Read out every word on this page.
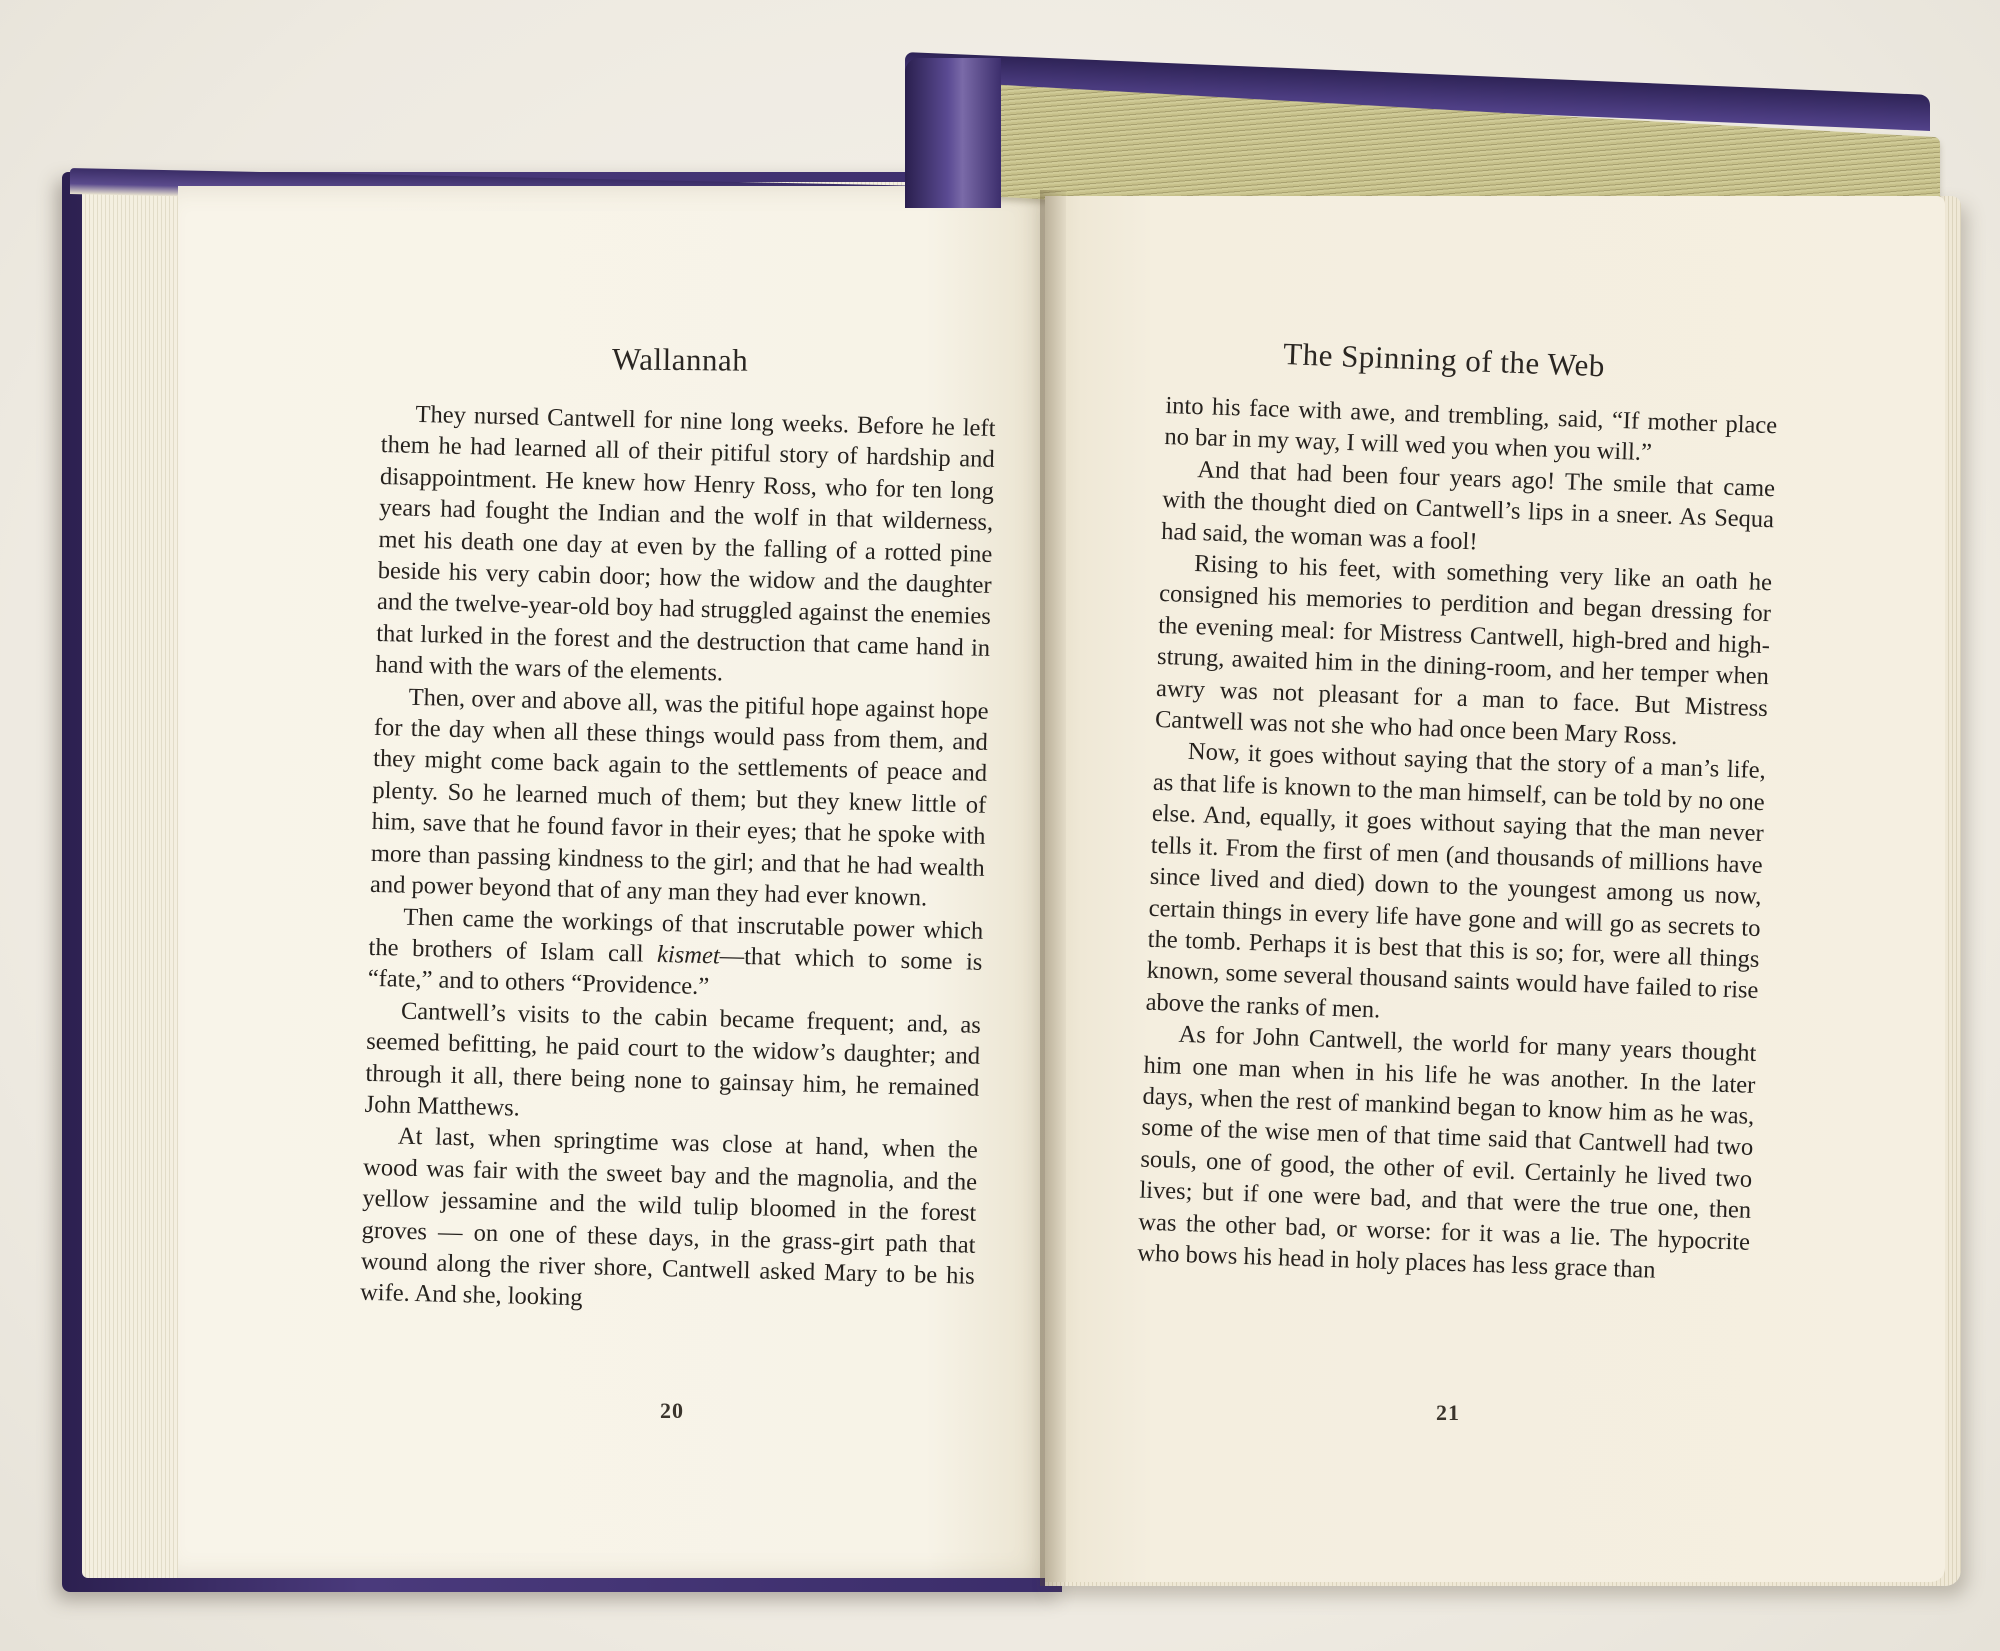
Wallannah

They nursed Cantwell for nine long weeks. Before he left them he had learned all of their pitiful story of hardship and disappointment. He knew how Henry Ross, who for ten long years had fought the Indian and the wolf in that wilderness, met his death one day at even by the falling of a rotted pine beside his very cabin door; how the widow and the daughter and the twelve-year-old boy had struggled against the enemies that lurked in the forest and the destruction that came hand in hand with the wars of the elements.

Then, over and above all, was the pitiful hope against hope for the day when all these things would pass from them, and they might come back again to the settlements of peace and plenty. So he learned much of them; but they knew little of him, save that he found favor in their eyes; that he spoke with more than passing kindness to the girl; and that he had wealth and power beyond that of any man they had ever known.

Then came the workings of that inscrutable power which the brothers of Islam call kismet—that which to some is “fate,” and to others “Providence.”

Cantwell’s visits to the cabin became frequent; and, as seemed befitting, he paid court to the widow’s daughter; and through it all, there being none to gainsay him, he remained John Matthews.

At last, when springtime was close at hand, when the wood was fair with the sweet bay and the magnolia, and the yellow jessamine and the wild tulip bloomed in the forest groves — on one of these days, in the grass-girt path that wound along the river shore, Cantwell asked Mary to be his wife. And she, looking

20
The Spinning of the Web

into his face with awe, and trembling, said, “If mother place no bar in my way, I will wed you when you will.”

And that had been four years ago! The smile that came with the thought died on Cantwell’s lips in a sneer. As Sequa had said, the woman was a fool!

Rising to his feet, with something very like an oath he consigned his memories to perdition and began dressing for the evening meal: for Mistress Cantwell, high-bred and high-strung, awaited him in the dining-room, and her temper when awry was not pleasant for a man to face. But Mistress Cantwell was not she who had once been Mary Ross.

Now, it goes without saying that the story of a man’s life, as that life is known to the man himself, can be told by no one else. And, equally, it goes without saying that the man never tells it. From the first of men (and thousands of millions have since lived and died) down to the youngest among us now, certain things in every life have gone and will go as secrets to the tomb. Perhaps it is best that this is so; for, were all things known, some several thousand saints would have failed to rise above the ranks of men.

As for John Cantwell, the world for many years thought him one man when in his life he was another. In the later days, when the rest of mankind began to know him as he was, some of the wise men of that time said that Cantwell had two souls, one of good, the other of evil. Certainly he lived two lives; but if one were bad, and that were the true one, then was the other bad, or worse: for it was a lie. The hypocrite who bows his head in holy places has less grace than

21
